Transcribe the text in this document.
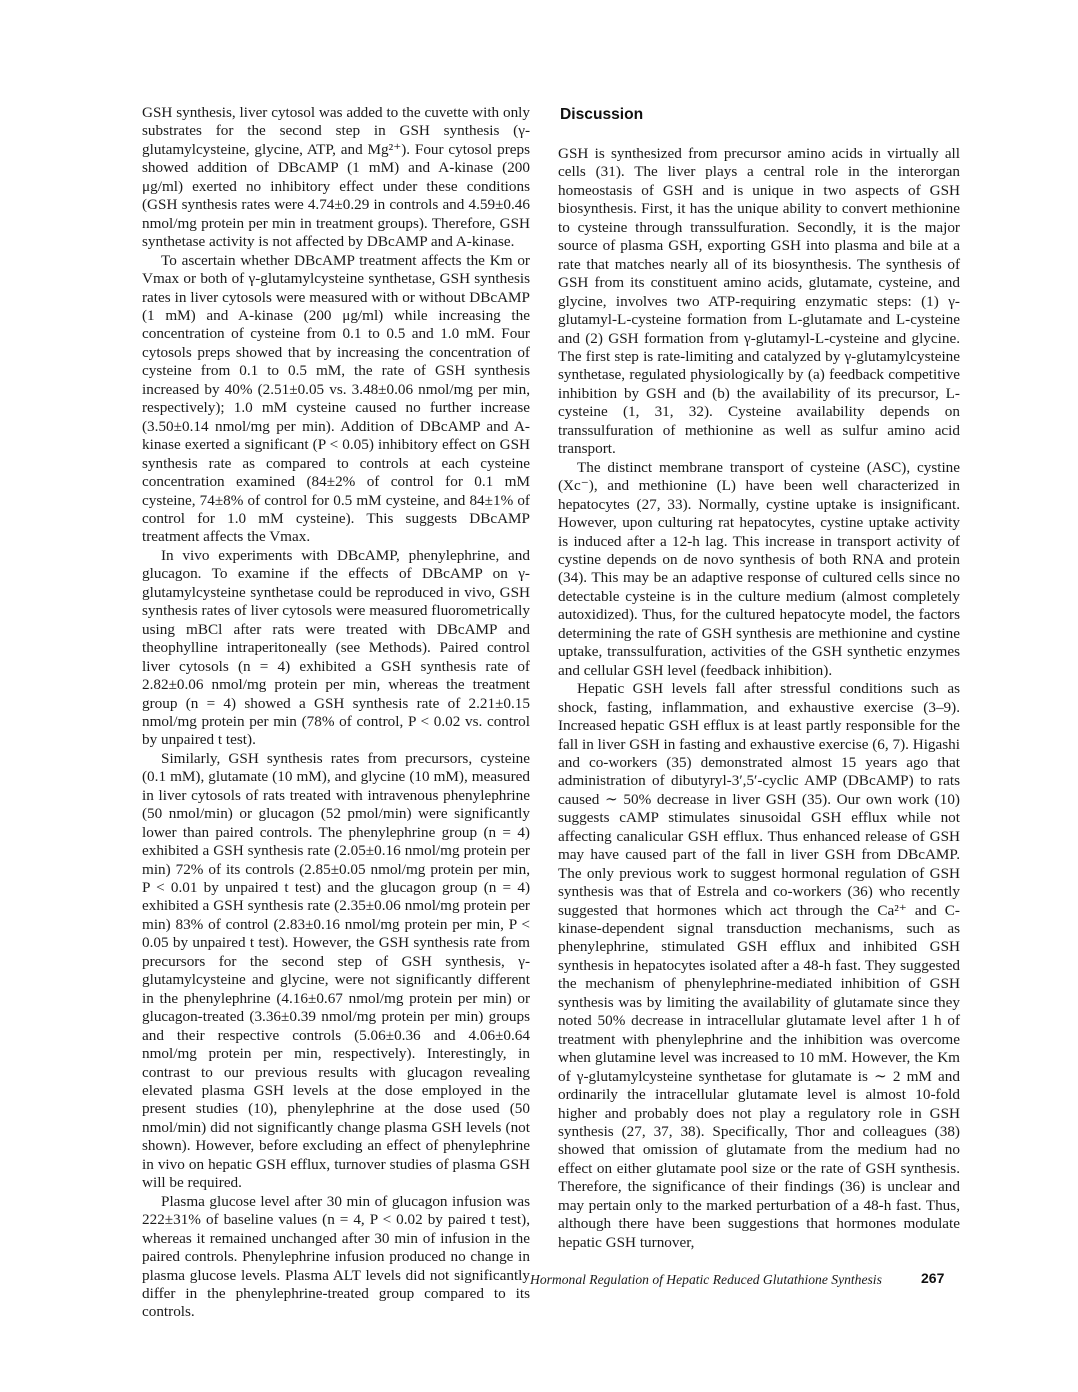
GSH synthesis, liver cytosol was added to the cuvette with only substrates for the second step in GSH synthesis (γ-glutamylcysteine, glycine, ATP, and Mg²⁺). Four cytosol preps showed addition of DBcAMP (1 mM) and A-kinase (200 μg/ml) exerted no inhibitory effect under these conditions (GSH synthesis rates were 4.74±0.29 in controls and 4.59±0.46 nmol/mg protein per min in treatment groups). Therefore, GSH synthetase activity is not affected by DBcAMP and A-kinase.

To ascertain whether DBcAMP treatment affects the Km or Vmax or both of γ-glutamylcysteine synthetase, GSH synthesis rates in liver cytosols were measured with or without DBcAMP (1 mM) and A-kinase (200 μg/ml) while increasing the concentration of cysteine from 0.1 to 0.5 and 1.0 mM. Four cytosols preps showed that by increasing the concentration of cysteine from 0.1 to 0.5 mM, the rate of GSH synthesis increased by 40% (2.51±0.05 vs. 3.48±0.06 nmol/mg per min, respectively); 1.0 mM cysteine caused no further increase (3.50±0.14 nmol/mg per min). Addition of DBcAMP and A-kinase exerted a significant (P < 0.05) inhibitory effect on GSH synthesis rate as compared to controls at each cysteine concentration examined (84±2% of control for 0.1 mM cysteine, 74±8% of control for 0.5 mM cysteine, and 84±1% of control for 1.0 mM cysteine). This suggests DBcAMP treatment affects the Vmax.

In vivo experiments with DBcAMP, phenylephrine, and glucagon. To examine if the effects of DBcAMP on γ-glutamylcysteine synthetase could be reproduced in vivo, GSH synthesis rates of liver cytosols were measured fluorometrically using mBCl after rats were treated with DBcAMP and theophylline intraperitoneally (see Methods). Paired control liver cytosols (n = 4) exhibited a GSH synthesis rate of 2.82±0.06 nmol/mg protein per min, whereas the treatment group (n = 4) showed a GSH synthesis rate of 2.21±0.15 nmol/mg protein per min (78% of control, P < 0.02 vs. control by unpaired t test).

Similarly, GSH synthesis rates from precursors, cysteine (0.1 mM), glutamate (10 mM), and glycine (10 mM), measured in liver cytosols of rats treated with intravenous phenylephrine (50 nmol/min) or glucagon (52 pmol/min) were significantly lower than paired controls. The phenylephrine group (n = 4) exhibited a GSH synthesis rate (2.05±0.16 nmol/mg protein per min) 72% of its controls (2.85±0.05 nmol/mg protein per min, P < 0.01 by unpaired t test) and the glucagon group (n = 4) exhibited a GSH synthesis rate (2.35±0.06 nmol/mg protein per min) 83% of control (2.83±0.16 nmol/mg protein per min, P < 0.05 by unpaired t test). However, the GSH synthesis rate from precursors for the second step of GSH synthesis, γ-glutamylcysteine and glycine, were not significantly different in the phenylephrine (4.16±0.67 nmol/mg protein per min) or glucagon-treated (3.36±0.39 nmol/mg protein per min) groups and their respective controls (5.06±0.36 and 4.06±0.64 nmol/mg protein per min, respectively). Interestingly, in contrast to our previous results with glucagon revealing elevated plasma GSH levels at the dose employed in the present studies (10), phenylephrine at the dose used (50 nmol/min) did not significantly change plasma GSH levels (not shown). However, before excluding an effect of phenylephrine in vivo on hepatic GSH efflux, turnover studies of plasma GSH will be required.

Plasma glucose level after 30 min of glucagon infusion was 222±31% of baseline values (n = 4, P < 0.02 by paired t test), whereas it remained unchanged after 30 min of infusion in the paired controls. Phenylephrine infusion produced no change in plasma glucose levels. Plasma ALT levels did not significantly differ in the phenylephrine-treated group compared to its controls.

Discussion

GSH is synthesized from precursor amino acids in virtually all cells (31). The liver plays a central role in the interorgan homeostasis of GSH and is unique in two aspects of GSH biosynthesis. First, it has the unique ability to convert methionine to cysteine through transsulfuration. Secondly, it is the major source of plasma GSH, exporting GSH into plasma and bile at a rate that matches nearly all of its biosynthesis. The synthesis of GSH from its constituent amino acids, glutamate, cysteine, and glycine, involves two ATP-requiring enzymatic steps: (1) γ-glutamyl-L-cysteine formation from L-glutamate and L-cysteine and (2) GSH formation from γ-glutamyl-L-cysteine and glycine. The first step is rate-limiting and catalyzed by γ-glutamylcysteine synthetase, regulated physiologically by (a) feedback competitive inhibition by GSH and (b) the availability of its precursor, L-cysteine (1, 31, 32). Cysteine availability depends on transsulfuration of methionine as well as sulfur amino acid transport.

The distinct membrane transport of cysteine (ASC), cystine (Xc⁻), and methionine (L) have been well characterized in hepatocytes (27, 33). Normally, cystine uptake is insignificant. However, upon culturing rat hepatocytes, cystine uptake activity is induced after a 12-h lag. This increase in transport activity of cystine depends on de novo synthesis of both RNA and protein (34). This may be an adaptive response of cultured cells since no detectable cysteine is in the culture medium (almost completely autoxidized). Thus, for the cultured hepatocyte model, the factors determining the rate of GSH synthesis are methionine and cystine uptake, transsulfuration, activities of the GSH synthetic enzymes and cellular GSH level (feedback inhibition).

Hepatic GSH levels fall after stressful conditions such as shock, fasting, inflammation, and exhaustive exercise (3–9). Increased hepatic GSH efflux is at least partly responsible for the fall in liver GSH in fasting and exhaustive exercise (6, 7). Higashi and co-workers (35) demonstrated almost 15 years ago that administration of dibutyryl-3′,5′-cyclic AMP (DBcAMP) to rats caused ∼ 50% decrease in liver GSH (35). Our own work (10) suggests cAMP stimulates sinusoidal GSH efflux while not affecting canalicular GSH efflux. Thus enhanced release of GSH may have caused part of the fall in liver GSH from DBcAMP. The only previous work to suggest hormonal regulation of GSH synthesis was that of Estrela and co-workers (36) who recently suggested that hormones which act through the Ca²⁺ and C-kinase-dependent signal transduction mechanisms, such as phenylephrine, stimulated GSH efflux and inhibited GSH synthesis in hepatocytes isolated after a 48-h fast. They suggested the mechanism of phenylephrine-mediated inhibition of GSH synthesis was by limiting the availability of glutamate since they noted 50% decrease in intracellular glutamate level after 1 h of treatment with phenylephrine and the inhibition was overcome when glutamine level was increased to 10 mM. However, the Km of γ-glutamylcysteine synthetase for glutamate is ∼ 2 mM and ordinarily the intracellular glutamate level is almost 10-fold higher and probably does not play a regulatory role in GSH synthesis (27, 37, 38). Specifically, Thor and colleagues (38) showed that omission of glutamate from the medium had no effect on either glutamate pool size or the rate of GSH synthesis. Therefore, the significance of their findings (36) is unclear and may pertain only to the marked perturbation of a 48-h fast. Thus, although there have been suggestions that hormones modulate hepatic GSH turnover,

Hormonal Regulation of Hepatic Reduced Glutathione Synthesis	267
